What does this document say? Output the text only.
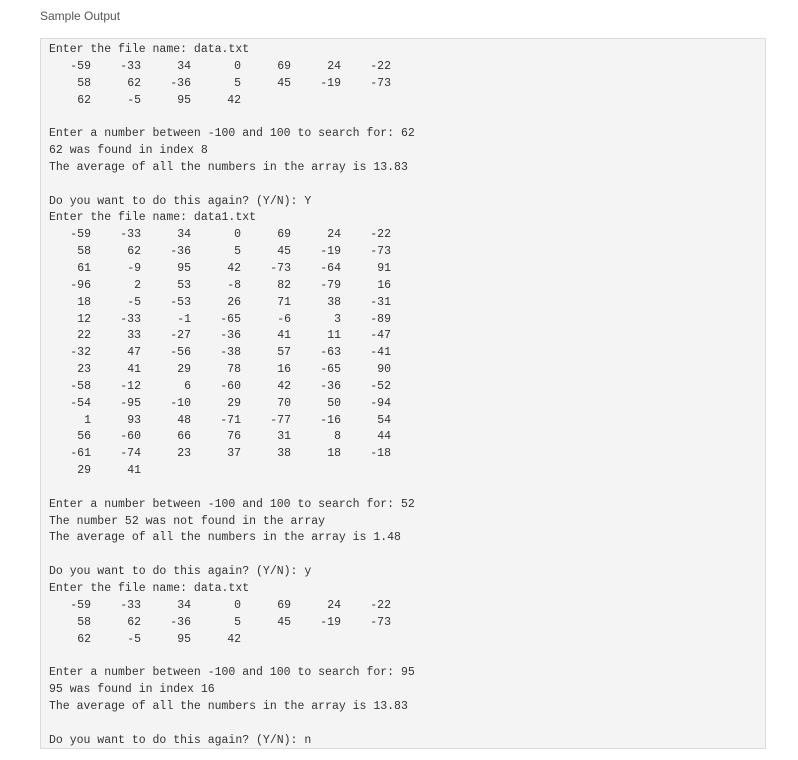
Sample Output

Enter the file name: data.txt
-59	-33	34	0	69	24	-22
58	62	-36	5	45	-19	-73
62	-5	95	42
Enter a number between -100 and 100 to search for: 62
62 was found in index 8
The average of all the numbers in the array is 13.83
Do you want to do this again? (Y/N): Y
Enter the file name: data1.txt
-59	-33	34	0	69	24	-22
58	62	-36	5	45	-19	-73
61	-9	95	42	-73	-64	91
-96	2	53	-8	82	-79	16
18	-5	-53	26	71	38	-31
12	-33	-1	-65	-6	3	-89
22	33	-27	-36	41	11	-47
-32	47	-56	-38	57	-63	-41
23	41	29	78	16	-65	90
-58	-12	6	-60	42	-36	-52
-54	-95	-10	29	70	50	-94
1	93	48	-71	-77	-16	54
56	-60	66	76	31	8	44
-61	-74	23	37	38	18	-18
29	41
Enter a number between -100 and 100 to search for: 52
The number 52 was not found in the array
The average of all the numbers in the array is 1.48
Do you want to do this again? (Y/N): y
Enter the file name: data.txt
-59	-33	34	0	69	24	-22
58	62	-36	5	45	-19	-73
62	-5	95	42
Enter a number between -100 and 100 to search for: 95
95 was found in index 16
The average of all the numbers in the array is 13.83
Do you want to do this again? (Y/N): n
